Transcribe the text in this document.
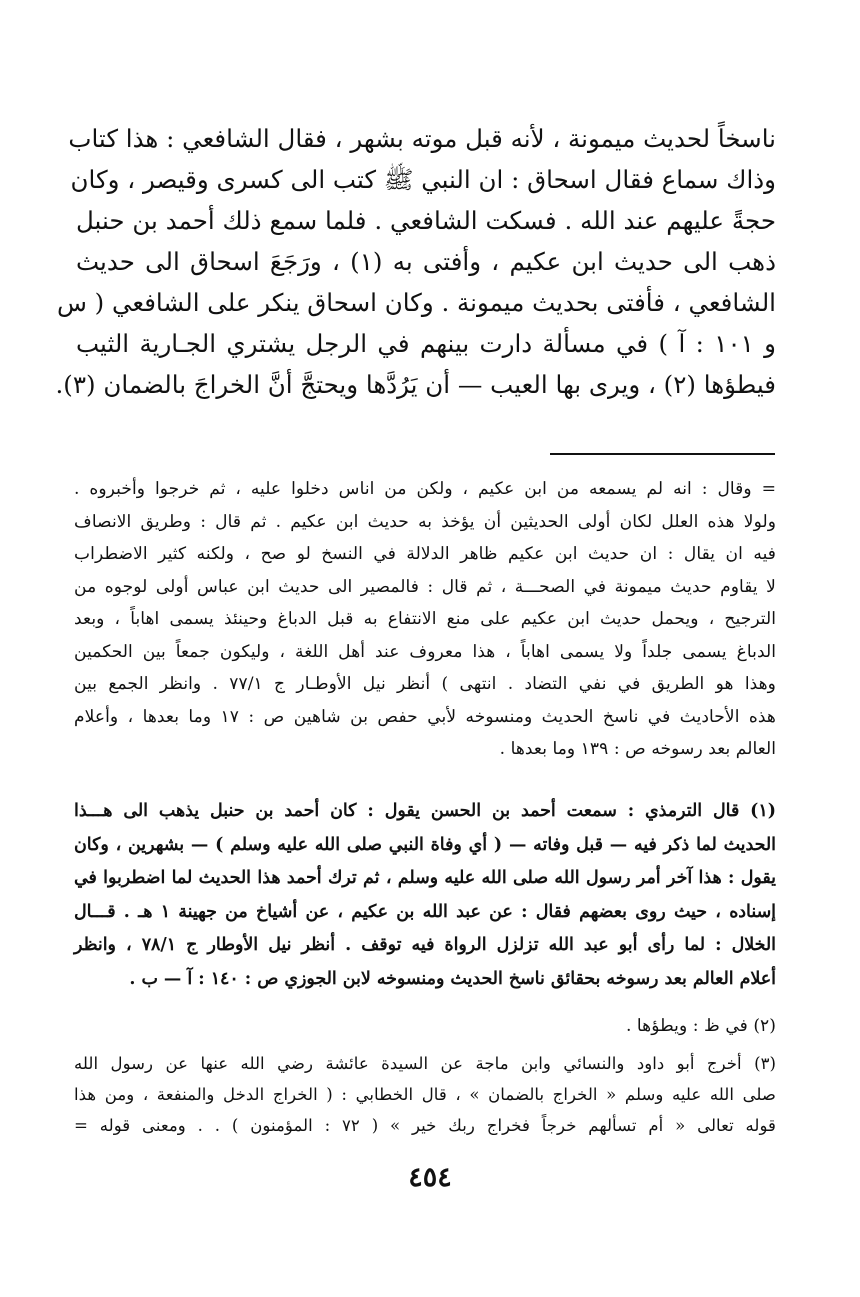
ناسخاً لحديث ميمونة ، لأنه قبل موته بشهر ، فقال الشافعي : هذا كتاب
وذاك سماع فقال اسحاق : ان النبي ﷺ كتب الى كسرى وقيصر ، وكان
حجةً عليهم عند الله . فسكت الشافعي . فلما سمع ذلك أحمد بن حنبل
ذهب الى حديث ابن عكيم ، وأفتى به (١) ، ورَجَعَ اسحاق الى حديث
الشافعي ، فأفتى بحديث ميمونة . وكان اسحاق ينكر على الشافعي ( س
و ١٠١ : آ ) في مسألة دارت بينهم في الرجل يشتري الجـارية الثيب
فيطؤها (٢) ، ويرى بها العيب — أن يَرُدَّها ويحتجَّ أنَّ الخراجَ بالضمان (٣).
= وقال : انه لم يسمعه من ابن عكيم ، ولكن من اناس دخلوا عليه ، ثم خرجوا وأخبروه .
ولولا هذه العلل لكان أولى الحديثين أن يؤخذ به حديث ابن عكيم . ثم قال : وطريق الانصاف
فيه ان يقال : ان حديث ابن عكيم ظاهر الدلالة في النسخ لو صح ، ولكنه كثير الاضطراب
لا يقاوم حديث ميمونة في الصحـــة ، ثم قال : فالمصير الى حديث ابن عباس أولى لوجوه من
الترجيح ، ويحمل حديث ابن عكيم على منع الانتفاع به قبل الدباغ وحينئذ يسمى اهاباً ، وبعد
الدباغ يسمى جلداً ولا يسمى اهاباً ، هذا معروف عند أهل اللغة ، وليكون جمعاً بين الحكمين
وهذا هو الطريق في نفي التضاد . انتهى ) أنظر نيل الأوطـار ج ٧٧/١ . وانظر الجمع بين
هذه الأحاديث في ناسخ الحديث ومنسوخه لأبي حفص بن شاهين ص : ١٧ وما بعدها ، وأعلام
العالم بعد رسوخه ص : ١٣٩ وما بعدها .
(١) قال الترمذي : سمعت أحمد بن الحسن يقول : كان أحمد بن حنبل يذهب الى هـــذا
الحديث لما ذكر فيه — قبل وفاته — ( أي وفاة النبي صلى الله عليه وسلم ) — بشهرين ، وكان
يقول : هذا آخر أمر رسول الله صلى الله عليه وسلم ، ثم ترك أحمد هذا الحديث لما اضطربوا في
إسناده ، حيث روى بعضهم فقال : عن عبد الله بن عكيم ، عن أشياخ من جهينة ١ هـ . قـــال
الخلال : لما رأى أبو عبد الله تزلزل الرواة فيه توقف . أنظر نيل الأوطار ج ٧٨/١ ، وانظر
أعلام العالم بعد رسوخه بحقائق ناسخ الحديث ومنسوخه لابن الجوزي ص : ١٤٠ : آ — ب .
(٢) في ظ : ويطؤها .
(٣) أخرج أبو داود والنسائي وابن ماجة عن السيدة عائشة رضي الله عنها عن رسول الله
صلى الله عليه وسلم « الخراج بالضمان » ، قال الخطابي : ( الخراج الدخل والمنفعة ، ومن هذا
قوله تعالى « أم تسألهم خرجاً فخراج ربك خير » ( ٧٢ : المؤمنون ) . . ومعنى قوله =
٤٥٤
